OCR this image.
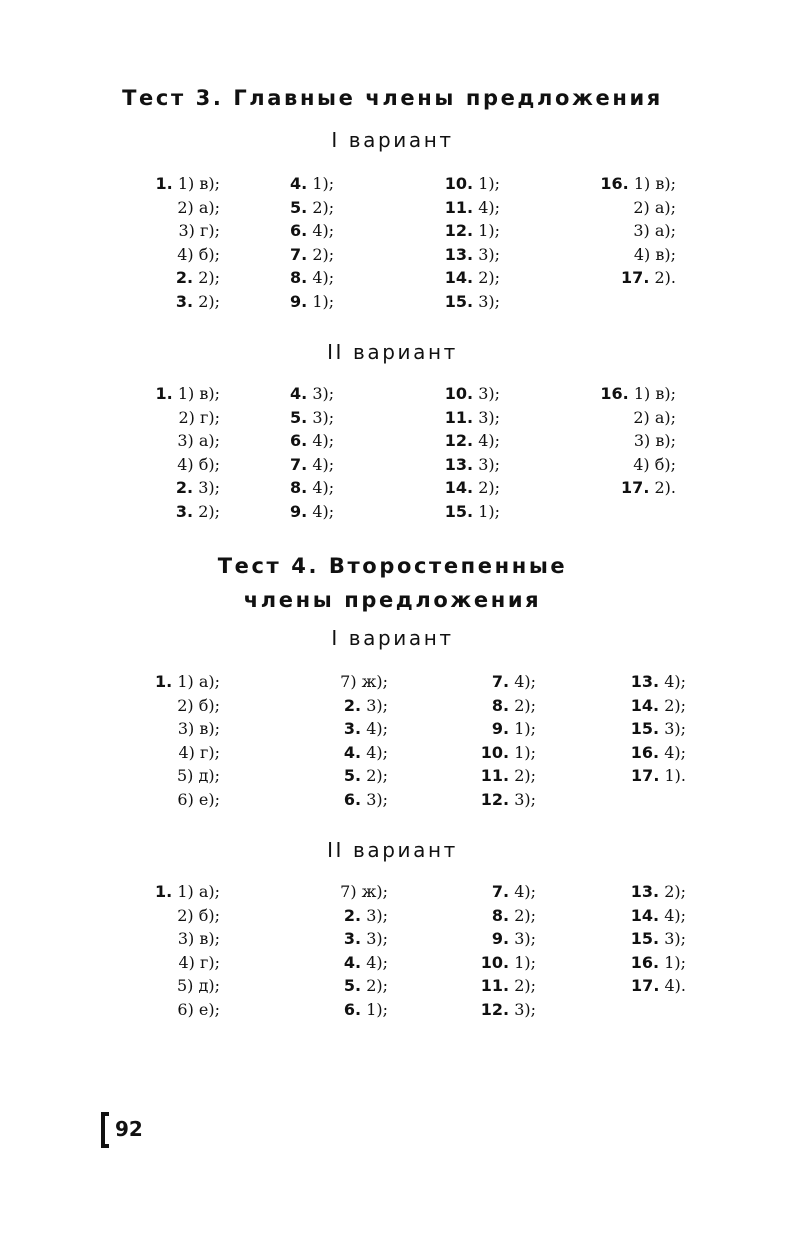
Тест 3. Главные члены предложения
I вариант
1. 1) в);
2) а);
3) г);
4) б);
2. 2);
3. 2);
4. 1);
5. 2);
6. 4);
7. 2);
8. 4);
9. 1);
10. 1);
11. 4);
12. 1);
13. 3);
14. 2);
15. 3);
16. 1) в);
2) а);
3) а);
4) в);
17. 2).
II вариант
1. 1) в);
2) г);
3) а);
4) б);
2. 3);
3. 2);
4. 3);
5. 3);
6. 4);
7. 4);
8. 4);
9. 4);
10. 3);
11. 3);
12. 4);
13. 3);
14. 2);
15. 1);
16. 1) в);
2) а);
3) в);
4) б);
17. 2).
Тест 4. Второстепенные
члены предложения
I вариант
1. 1) а);
2) б);
3) в);
4) г);
5) д);
6) е);
7) ж);
2. 3);
3. 4);
4. 4);
5. 2);
6. 3);
7. 4);
8. 2);
9. 1);
10. 1);
11. 2);
12. 3);
13. 4);
14. 2);
15. 3);
16. 4);
17. 1).
II вариант
1. 1) а);
2) б);
3) в);
4) г);
5) д);
6) е);
7) ж);
2. 3);
3. 3);
4. 4);
5. 2);
6. 1);
7. 4);
8. 2);
9. 3);
10. 1);
11. 2);
12. 3);
13. 2);
14. 4);
15. 3);
16. 1);
17. 4).
92
